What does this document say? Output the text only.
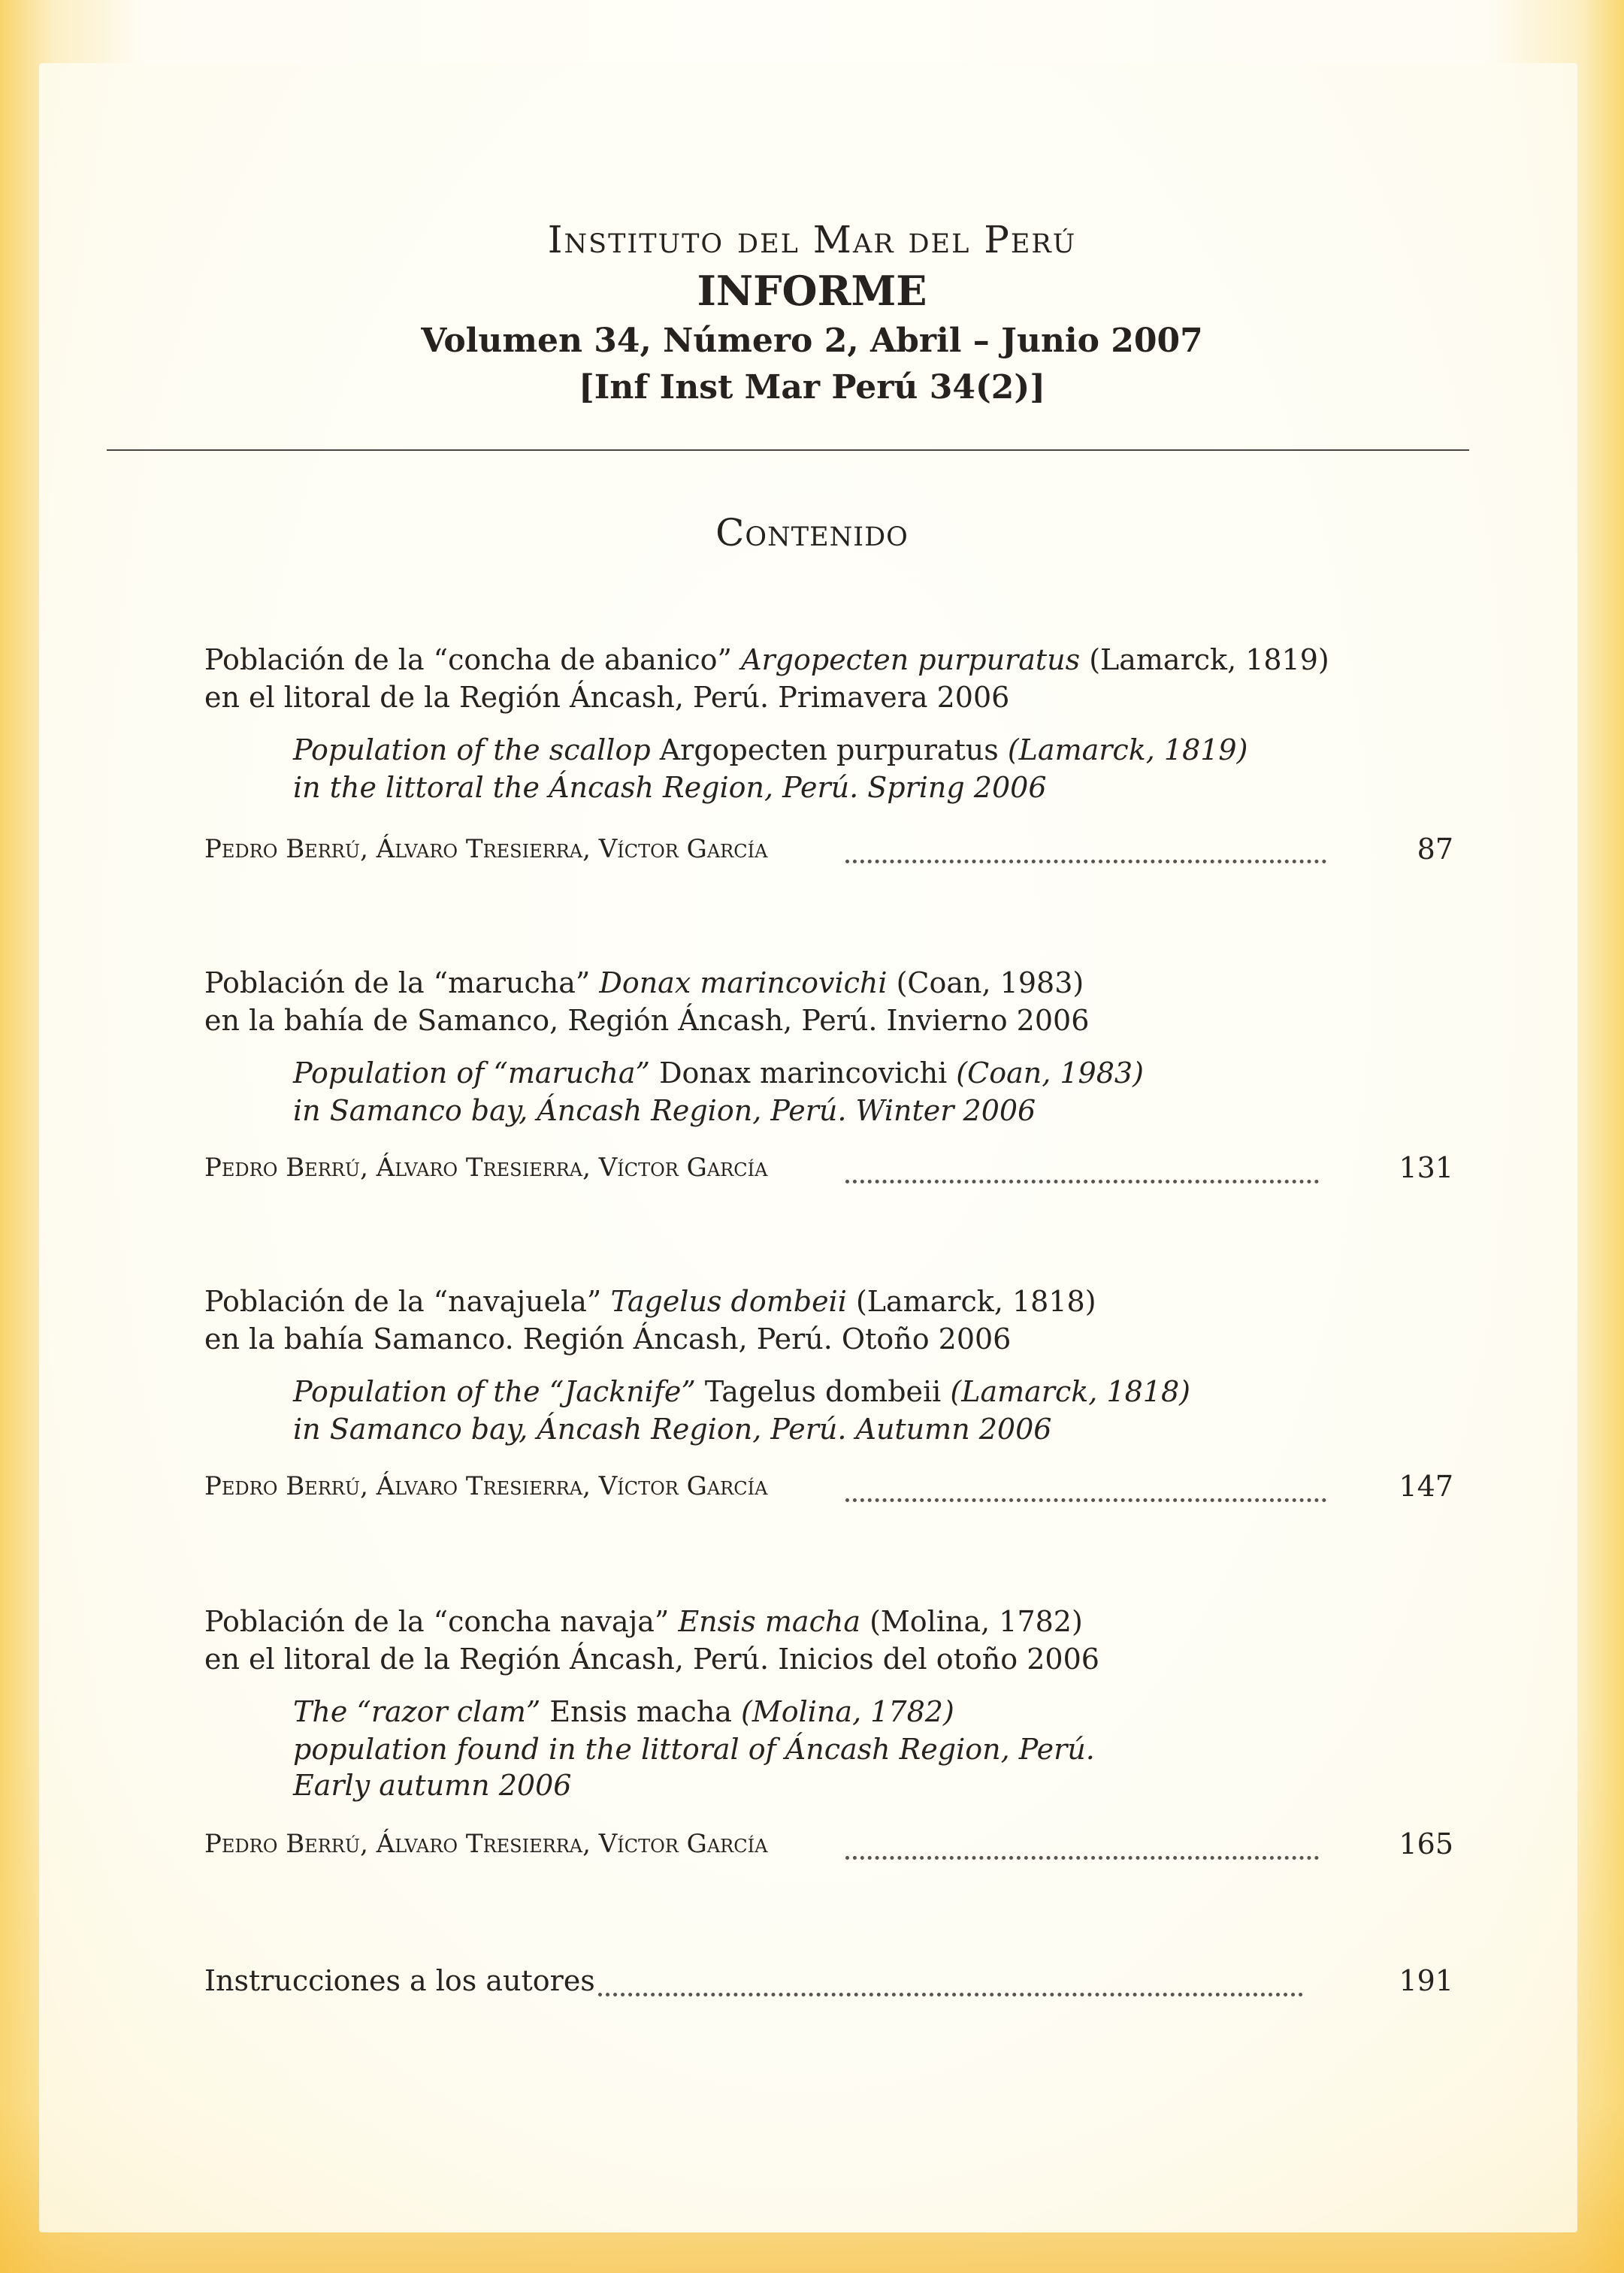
Instituto del Mar del Perú
INFORME
Volumen 34, Número 2, Abril – Junio 2007
[Inf Inst Mar Perú 34(2)]
Contenido
Población de la “concha de abanico” Argopecten purpuratus (Lamarck, 1819)
en el litoral de la Región Áncash, Perú. Primavera 2006
Population of the scallop Argopecten purpuratus (Lamarck, 1819)
in the littoral the Áncash Region, Perú. Spring 2006
Pedro Berrú, Álvaro Tresierra, Víctor García	87
Población de la “marucha” Donax marincovichi (Coan, 1983)
en la bahía de Samanco, Región Áncash, Perú. Invierno 2006
Population of “marucha” Donax marincovichi (Coan, 1983)
in Samanco bay, Áncash Region, Perú. Winter 2006
Pedro Berrú, Álvaro Tresierra, Víctor García	131
Población de la “navajuela” Tagelus dombeii (Lamarck, 1818)
en la bahía Samanco. Región Áncash, Perú. Otoño 2006
Population of the “Jacknife” Tagelus dombeii (Lamarck, 1818)
in Samanco bay, Áncash Region, Perú. Autumn 2006
Pedro Berrú, Álvaro Tresierra, Víctor García	147
Población de la “concha navaja” Ensis macha (Molina, 1782)
en el litoral de la Región Áncash, Perú. Inicios del otoño 2006
The “razor clam” Ensis macha (Molina, 1782)
population found in the littoral of Áncash Region, Perú.
Early autumn 2006
Pedro Berrú, Álvaro Tresierra, Víctor García	165
Instrucciones a los autores	191
